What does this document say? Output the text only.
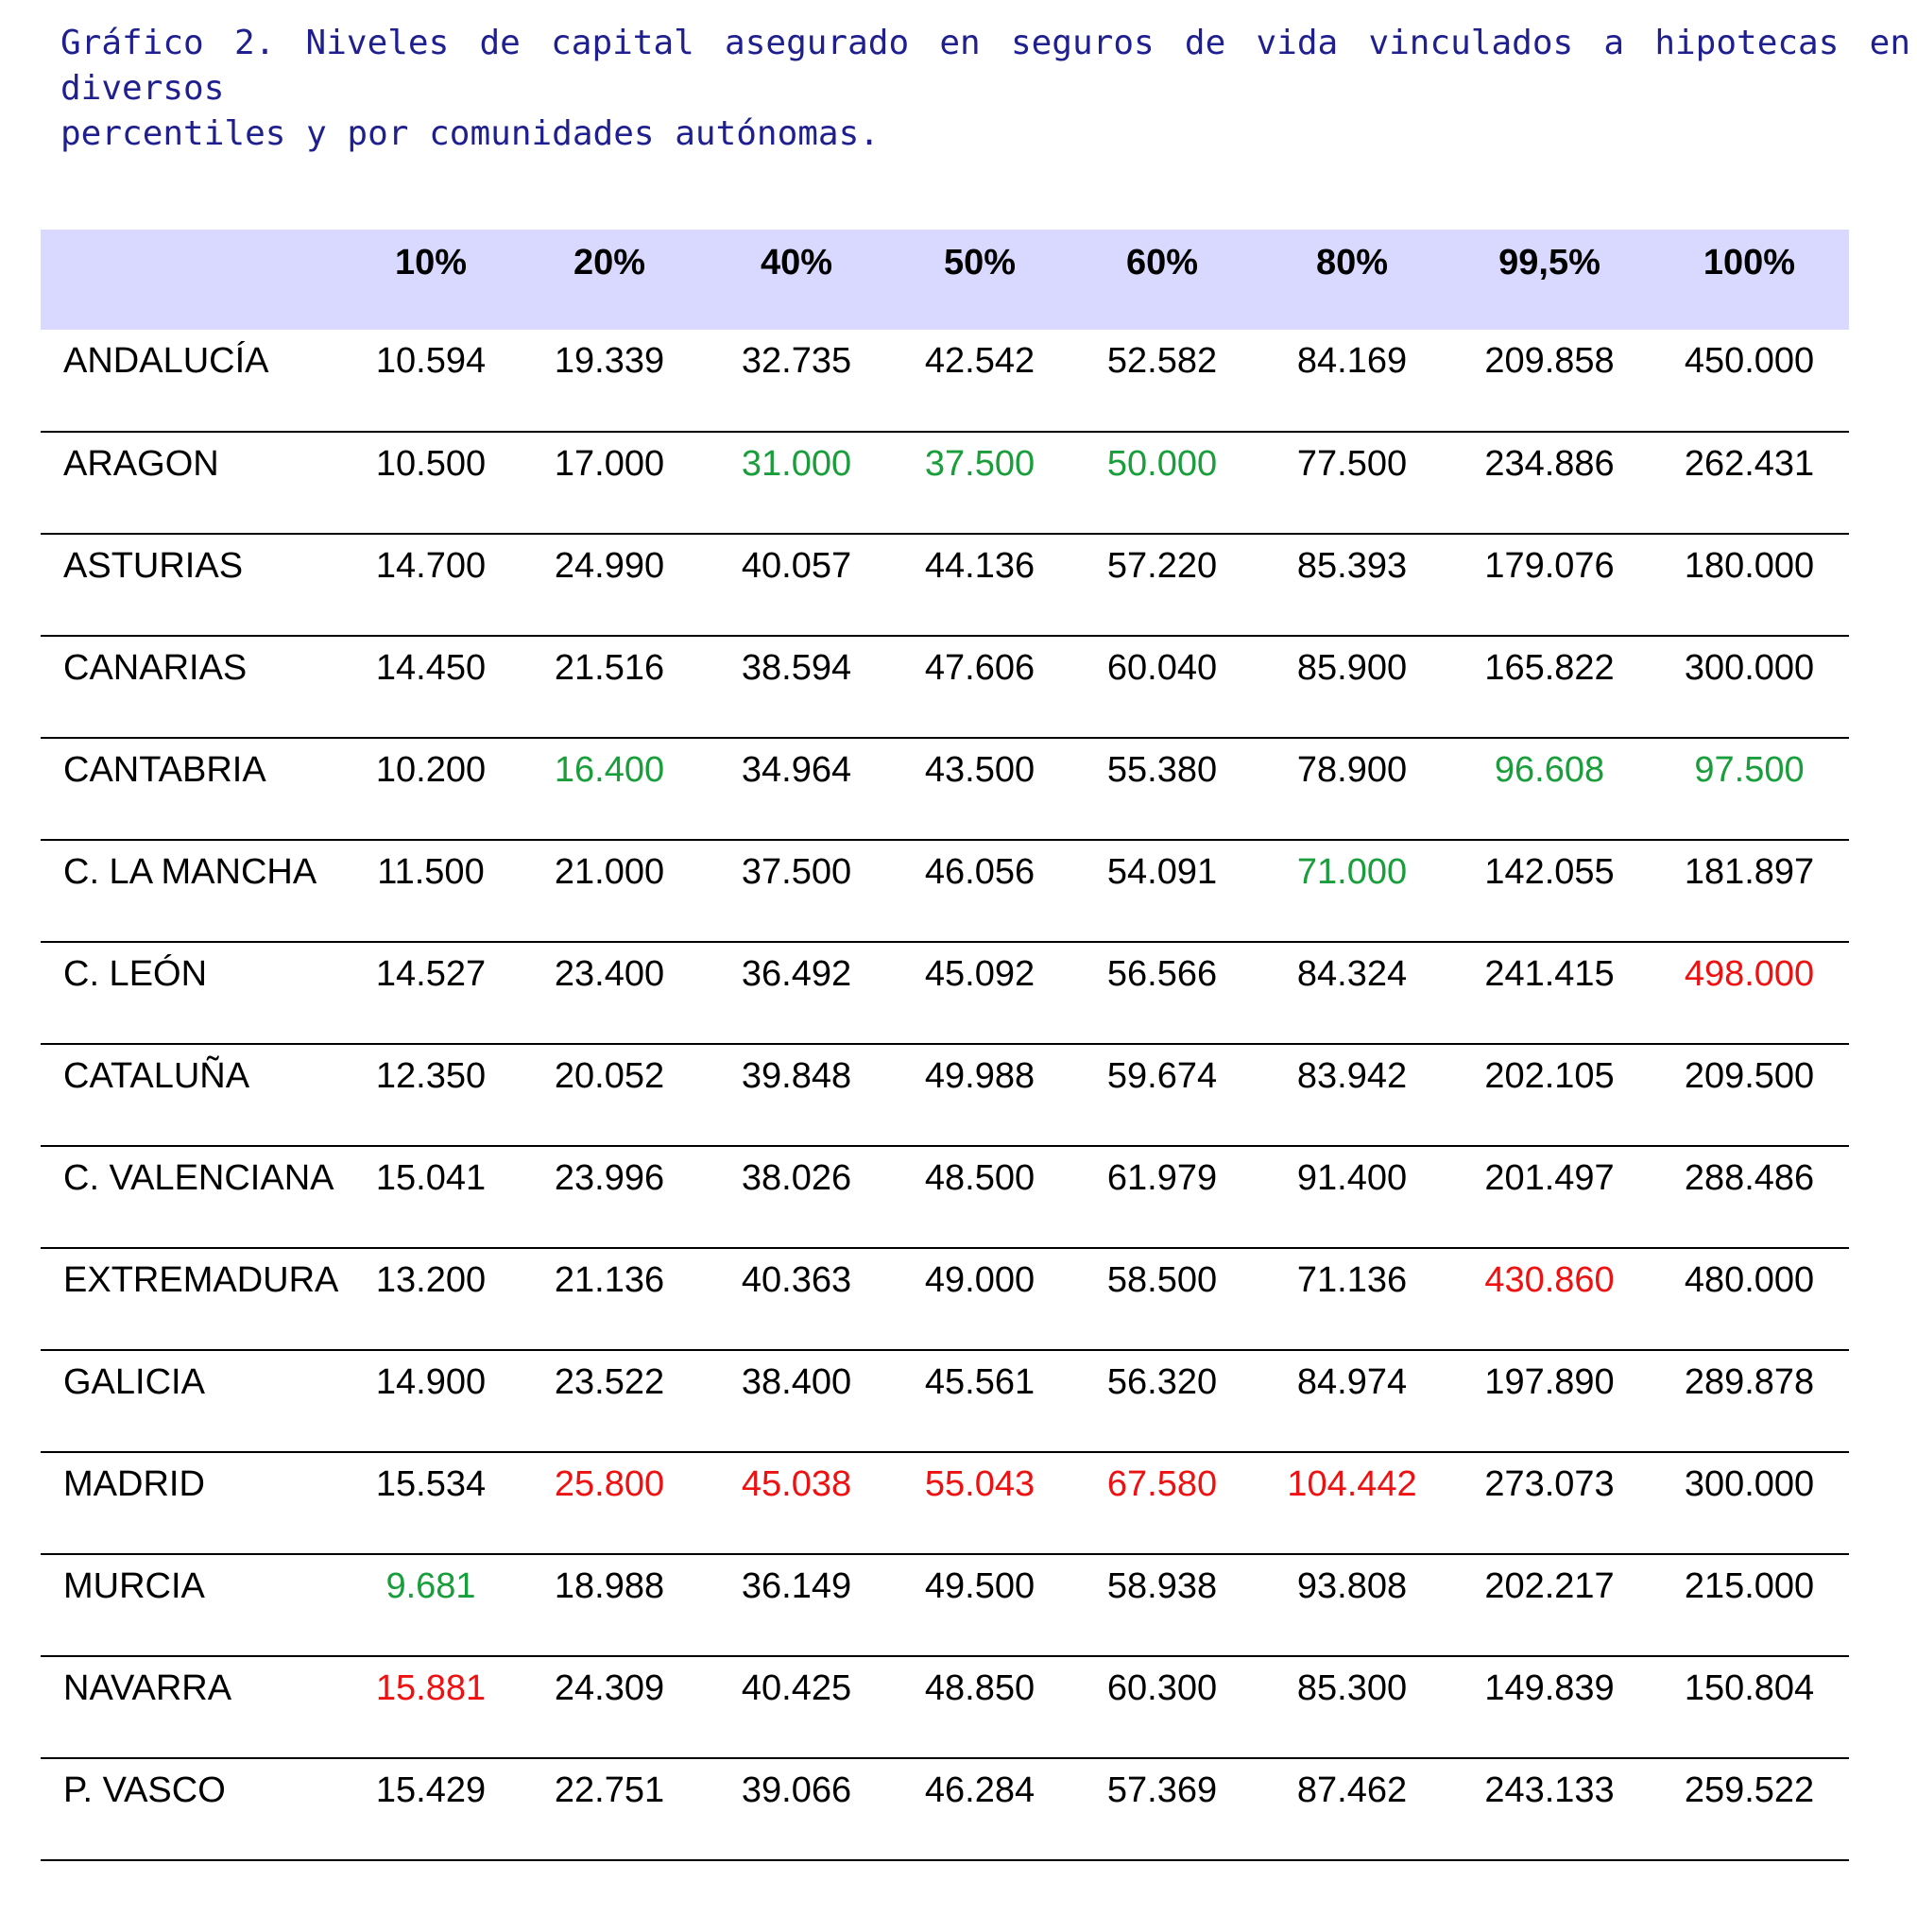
Gráfico 2. Niveles de capital asegurado en seguros de vida vinculados a hipotecas en diversos
percentiles y por comunidades autónomas.
	10%	20%	40%	50%	60%	80%	99,5%	100%
ANDALUCÍA	10.594	19.339	32.735	42.542	52.582	84.169	209.858	450.000
ARAGON	10.500	17.000	31.000	37.500	50.000	77.500	234.886	262.431
ASTURIAS	14.700	24.990	40.057	44.136	57.220	85.393	179.076	180.000
CANARIAS	14.450	21.516	38.594	47.606	60.040	85.900	165.822	300.000
CANTABRIA	10.200	16.400	34.964	43.500	55.380	78.900	96.608	97.500
C. LA MANCHA	11.500	21.000	37.500	46.056	54.091	71.000	142.055	181.897
C. LEÓN	14.527	23.400	36.492	45.092	56.566	84.324	241.415	498.000
CATALUÑA	12.350	20.052	39.848	49.988	59.674	83.942	202.105	209.500
C. VALENCIANA	15.041	23.996	38.026	48.500	61.979	91.400	201.497	288.486
EXTREMADURA	13.200	21.136	40.363	49.000	58.500	71.136	430.860	480.000
GALICIA	14.900	23.522	38.400	45.561	56.320	84.974	197.890	289.878
MADRID	15.534	25.800	45.038	55.043	67.580	104.442	273.073	300.000
MURCIA	9.681	18.988	36.149	49.500	58.938	93.808	202.217	215.000
NAVARRA	15.881	24.309	40.425	48.850	60.300	85.300	149.839	150.804
P. VASCO	15.429	22.751	39.066	46.284	57.369	87.462	243.133	259.522
